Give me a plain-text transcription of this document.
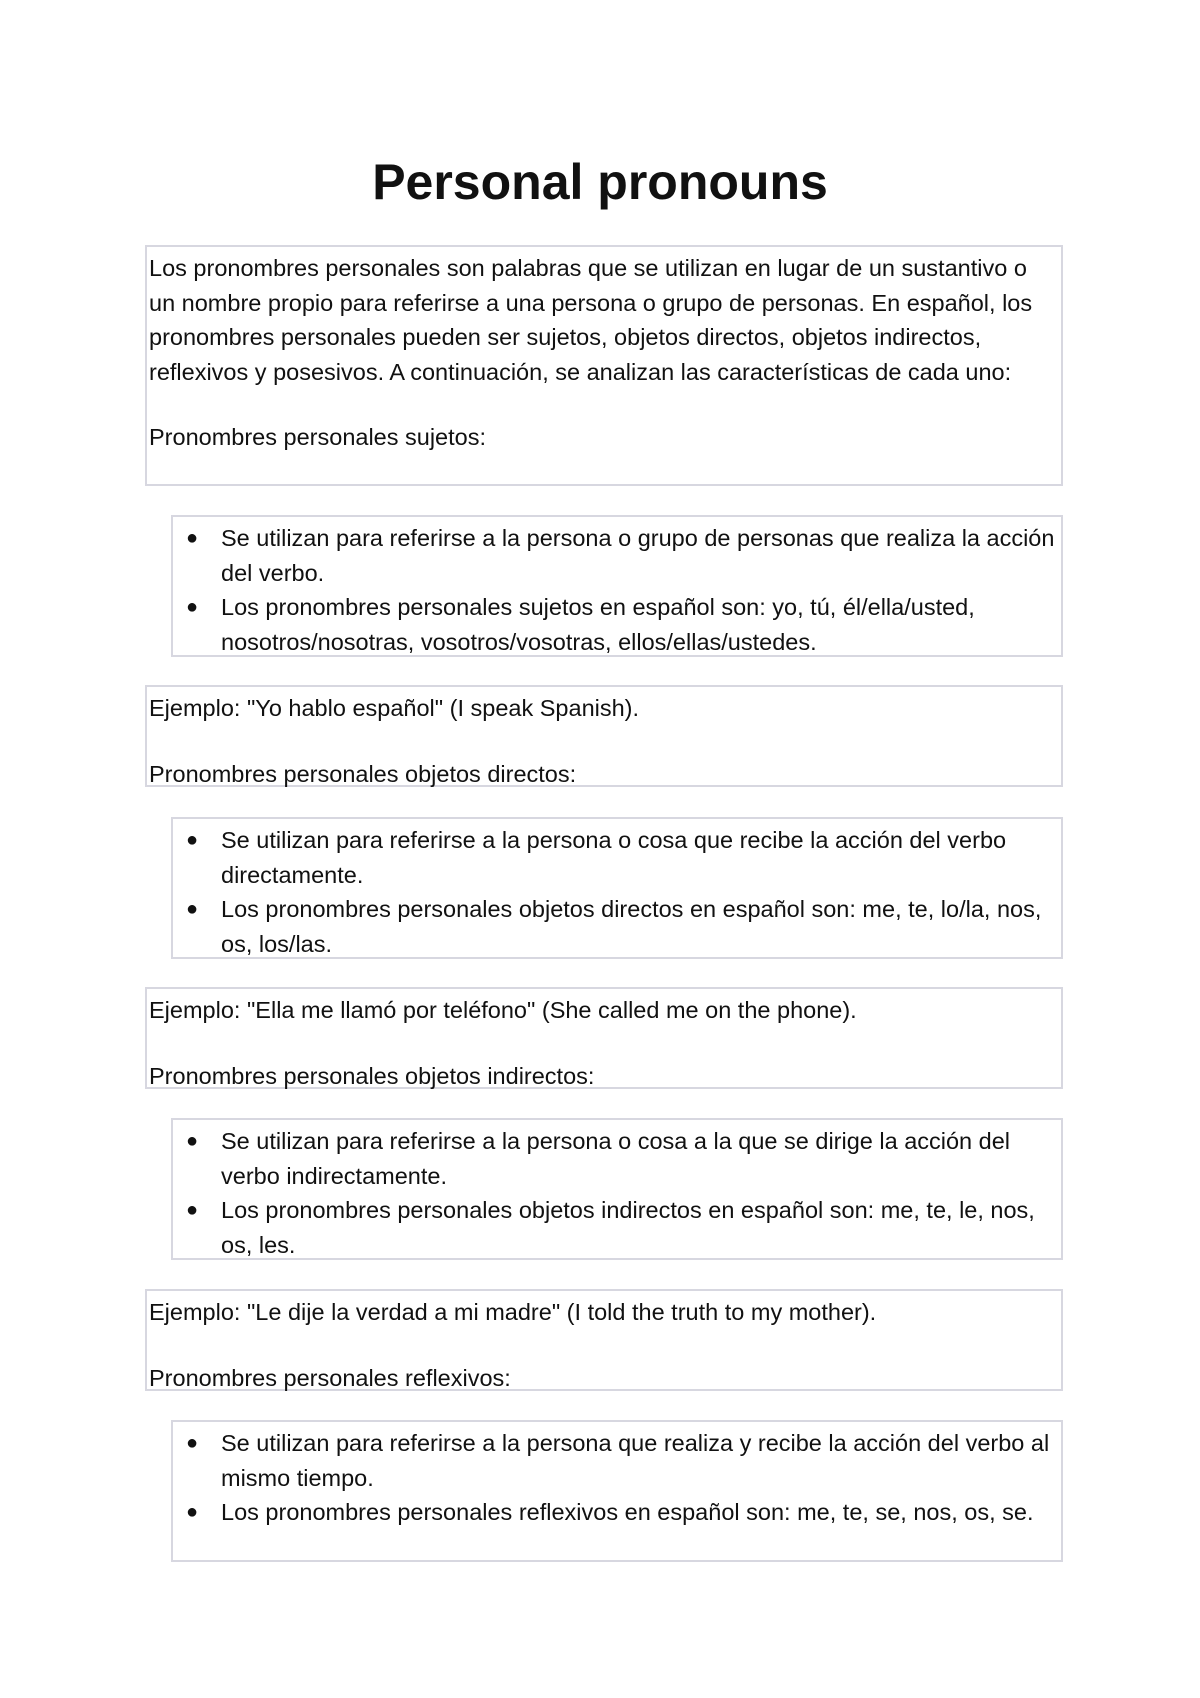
Personal pronouns

Los pronombres personales son palabras que se utilizan en lugar de un sustantivo o un nombre propio para referirse a una persona o grupo de personas. En español, los pronombres personales pueden ser sujetos, objetos directos, objetos indirectos, reflexivos y posesivos. A continuación, se analizan las características de cada uno:

Pronombres personales sujetos:

● Se utilizan para referirse a la persona o grupo de personas que realiza la acción del verbo.
● Los pronombres personales sujetos en español son: yo, tú, él/ella/usted, nosotros/nosotras, vosotros/vosotras, ellos/ellas/ustedes.

Ejemplo: "Yo hablo español" (I speak Spanish).

Pronombres personales objetos directos:

● Se utilizan para referirse a la persona o cosa que recibe la acción del verbo directamente.
● Los pronombres personales objetos directos en español son: me, te, lo/la, nos, os, los/las.

Ejemplo: "Ella me llamó por teléfono" (She called me on the phone).

Pronombres personales objetos indirectos:

● Se utilizan para referirse a la persona o cosa a la que se dirige la acción del verbo indirectamente.
● Los pronombres personales objetos indirectos en español son: me, te, le, nos, os, les.

Ejemplo: "Le dije la verdad a mi madre" (I told the truth to my mother).

Pronombres personales reflexivos:

● Se utilizan para referirse a la persona que realiza y recibe la acción del verbo al mismo tiempo.
● Los pronombres personales reflexivos en español son: me, te, se, nos, os, se.
